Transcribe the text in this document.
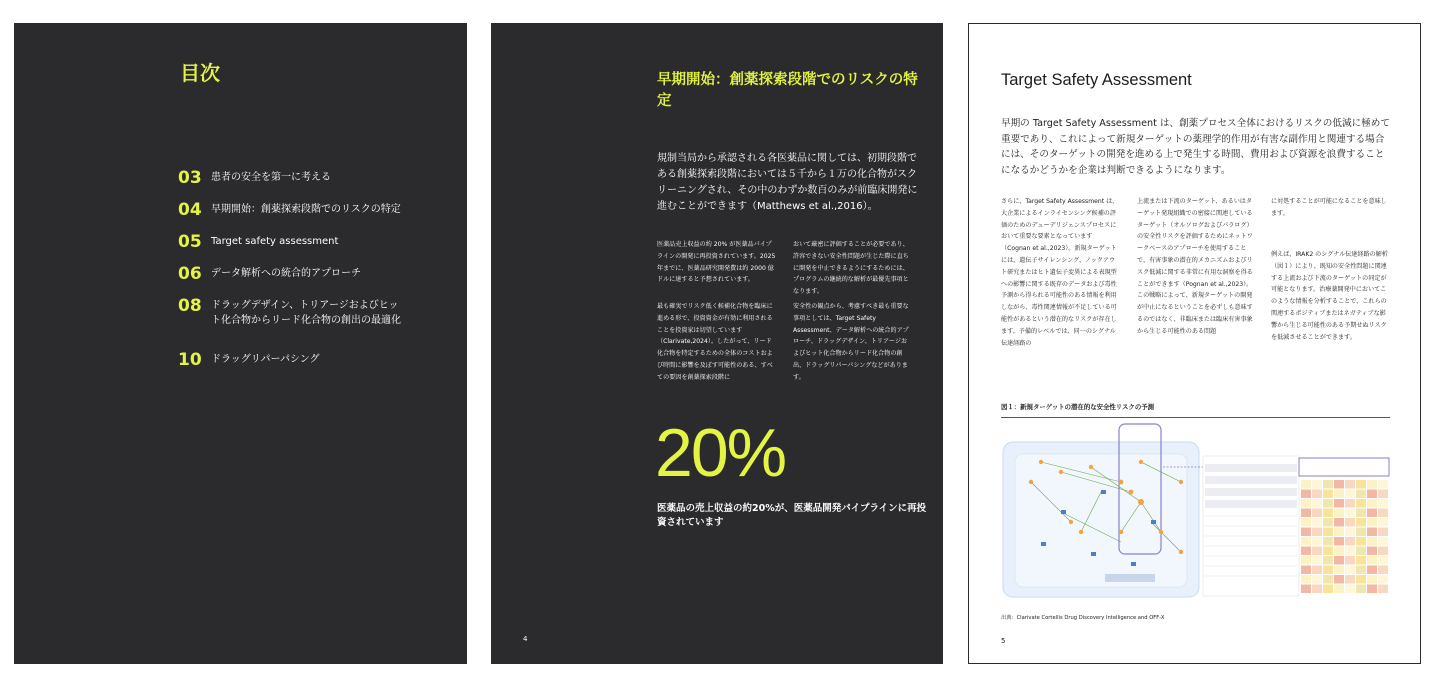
目次
03 患者の安全を第一に考える
04 早期開始：創薬探索段階でのリスクの特定
05 Target safety assessment
06 データ解析への統合的アプローチ
08 ドラッグデザイン、トリアージおよびヒット化合物からリード化合物の創出の最適化
10 ドラッグリパーパシング
早期開始：創薬探索段階でのリスクの特定
規制当局から承認される各医薬品に関しては、初期段階である創薬探索段階においては５千から１万の化合物がスクリーニングされ、その中のわずか数百のみが前臨床開発に進むことができます（Matthews et al.,2016）。
医薬品売上収益の約 20% が医薬品パイプラインの開発に再投資されています。2025 年までに、医薬品研究開発費は約 2000 億ドルに達すると予想されています。
最も確実でリスク低く候補化合物を臨床に進める形で、投資資金が有効に利用されることを投資家は切望しています（Clarivate,2024）。したがって、リード化合物を特定するための全体のコストおよび時間に影響を及ぼす可能性のある、すべての要因を創薬探索段階に
おいて厳密に評価することが必要であり、許容できない安全性問題が生じた際に直ちに開発を中止できるようにするためには、プログラムの継続的な解析が最優先事項となります。
安全性の観点から、考慮すべき最も重要な事項としては、Target Safety Assessment、データ解析への統合的アプローチ、ドラッグデザイン、トリアージおよびヒット化合物からリード化合物の創出、ドラッグリパーパシングなどがあります。
20%
医薬品の売上収益の約20%が、医薬品開発パイプラインに再投資されています
4
Target Safety Assessment
早期の Target Safety Assessment は、創薬プロセス全体におけるリスクの低減に極めて重要であり、これによって新規ターゲットの薬理学的作用が有害な副作用と関連する場合には、そのターゲットの開発を進める上で発生する時間、費用および資源を浪費することになるかどうかを企業は判断できるようになります。
さらに、Target Safety Assessment は、大企業によるインライセンシング候補の評価のためのデューデリジェンスプロセスにおいて重要な要素となっています（Cognan et al.,2023）。新規ターゲットには、遺伝子サイレンシング、ノックアウト研究またはヒト遺伝子変異による表現型への影響に関する既存のデータおよび毒性予測から得られる可能性のある情報を利用しながら、毒性関連情報が不足している可能性があるという潜在的なリスクが存在します。予備的レベルでは、同一のシグナル伝達経路の
上流または下流のターゲット、あるいはターゲット発現組織での密接に関連しているターゲット（オルソログおよびパラログ）の安全性リスクを評価するためにネットワークベースのアプローチを使用することで、有害事象の潜在的メカニズムおよびリスク低減に関する非常に有用な洞察を得ることができます（Pognan et al.,2023）。この戦略によって、新規ターゲットの開発が中止になるということを必ずしも意味するのではなく、非臨床または臨床有害事象から生じる可能性のある問題
に対処することが可能になることを意味します。
例えば、IRAK2 のシグナル伝達経路の解析（図１）により、既知の安全性問題に関連する上流および下流のターゲットの同定が可能となります。治療薬開発中においてこのような情報を分析することで、これらの関連するポジティブまたはネガティブな影響から生じる可能性のある予期せぬリスクを低減させることができます。
図１：新規ターゲットの潜在的な安全性リスクの予測
出典：Clarivate Cortellis Drug Discovery Intelligence and OFF-X
5
